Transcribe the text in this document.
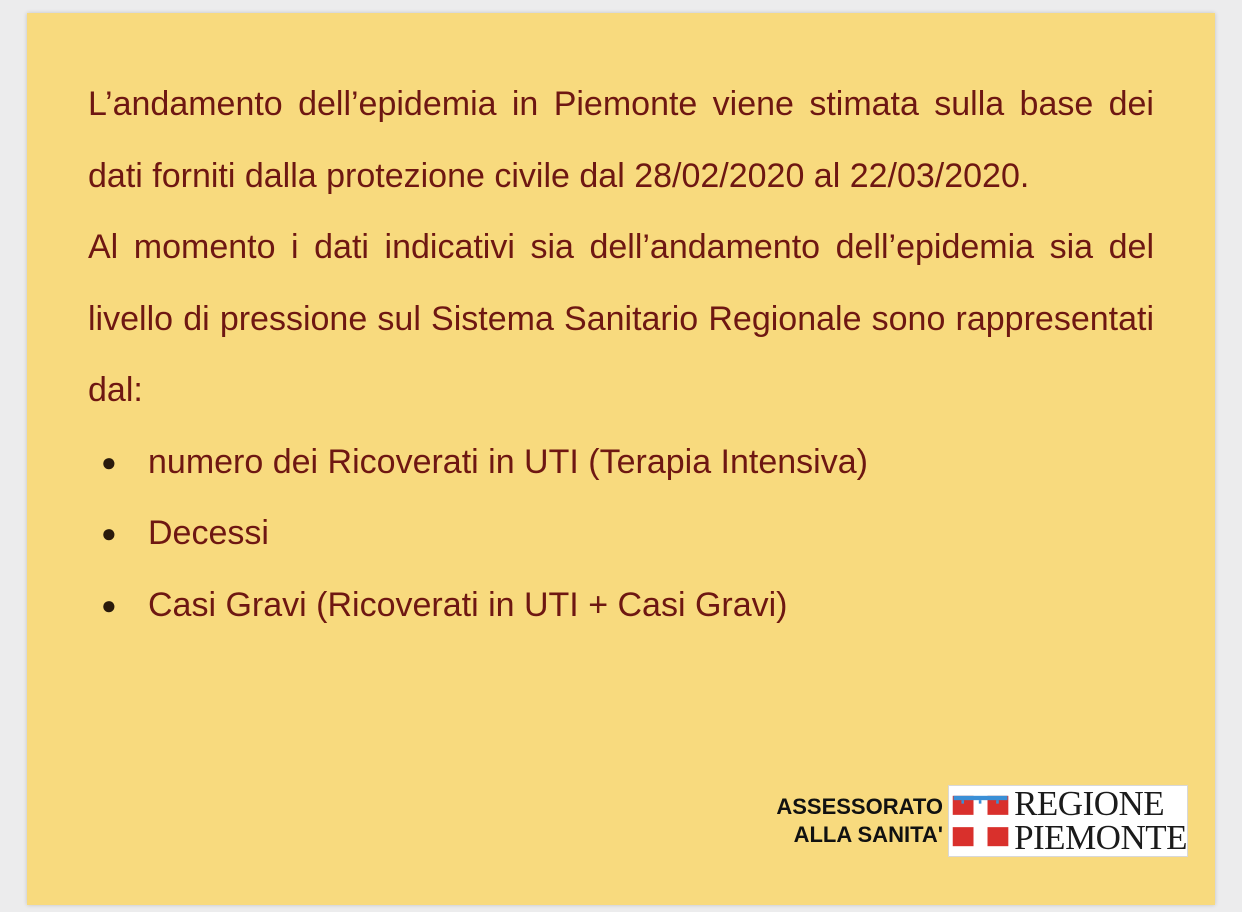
L’andamento dell’epidemia in Piemonte viene stimata sulla base dei dati forniti dalla protezione civile dal 28/02/2020 al 22/03/2020.

Al momento i dati indicativi sia dell’andamento dell’epidemia sia del livello di pressione sul Sistema Sanitario Regionale sono rappresentati dal:

● numero dei Ricoverati in UTI (Terapia Intensiva)
● Decessi
● Casi Gravi (Ricoverati in UTI + Casi Gravi)
ASSESSORATO
ALLA SANITA'
REGIONE
PIEMONTE
